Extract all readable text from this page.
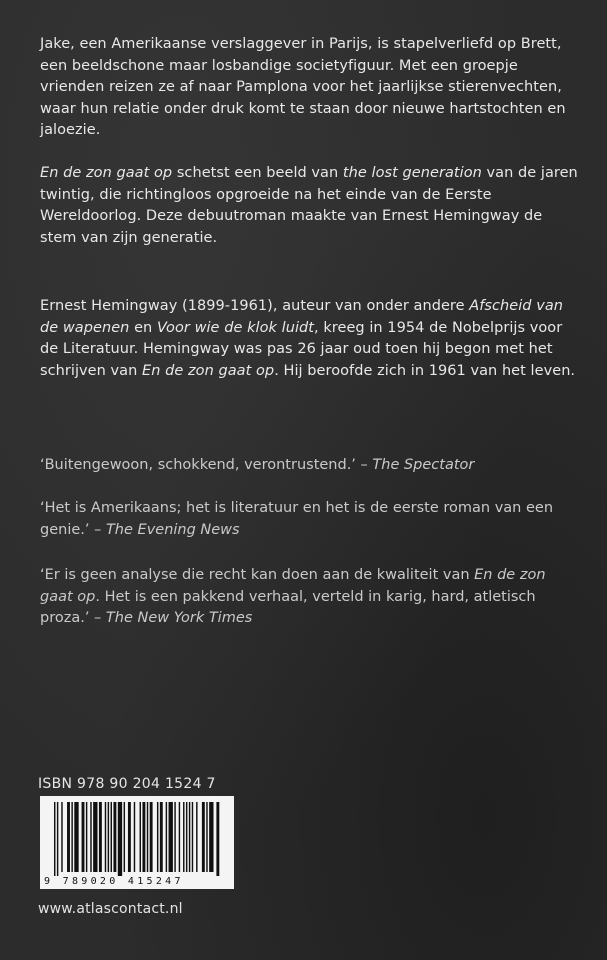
Jake, een Amerikaanse verslaggever in Parijs, is stapelverliefd op Brett, een beeldschone maar losbandige societyfiguur. Met een groepje vrienden reizen ze af naar Pamplona voor het jaarlijkse stierenvechten, waar hun relatie onder druk komt te staan door nieuwe hartstochten en jaloezie.

En de zon gaat op schetst een beeld van the lost generation van de jaren twintig, die richtingloos opgroeide na het einde van de Eerste Wereldoorlog. Deze debuutroman maakte van Ernest Hemingway de stem van zijn generatie.

Ernest Hemingway (1899-1961), auteur van onder andere Afscheid van de wapenen en Voor wie de klok luidt, kreeg in 1954 de Nobelprijs voor de Literatuur. Hemingway was pas 26 jaar oud toen hij begon met het schrijven van En de zon gaat op. Hij beroofde zich in 1961 van het leven.

‘Buitengewoon, schokkend, verontrustend.’ – The Spectator

‘Het is Amerikaans; het is literatuur en het is de eerste roman van een genie.’ – The Evening News

‘Er is geen analyse die recht kan doen aan de kwaliteit van En de zon gaat op. Het is een pakkend verhaal, verteld in karig, hard, atletisch proza.’ – The New York Times

ISBN 978 90 204 1524 7
9 789020 415247
www.atlascontact.nl
